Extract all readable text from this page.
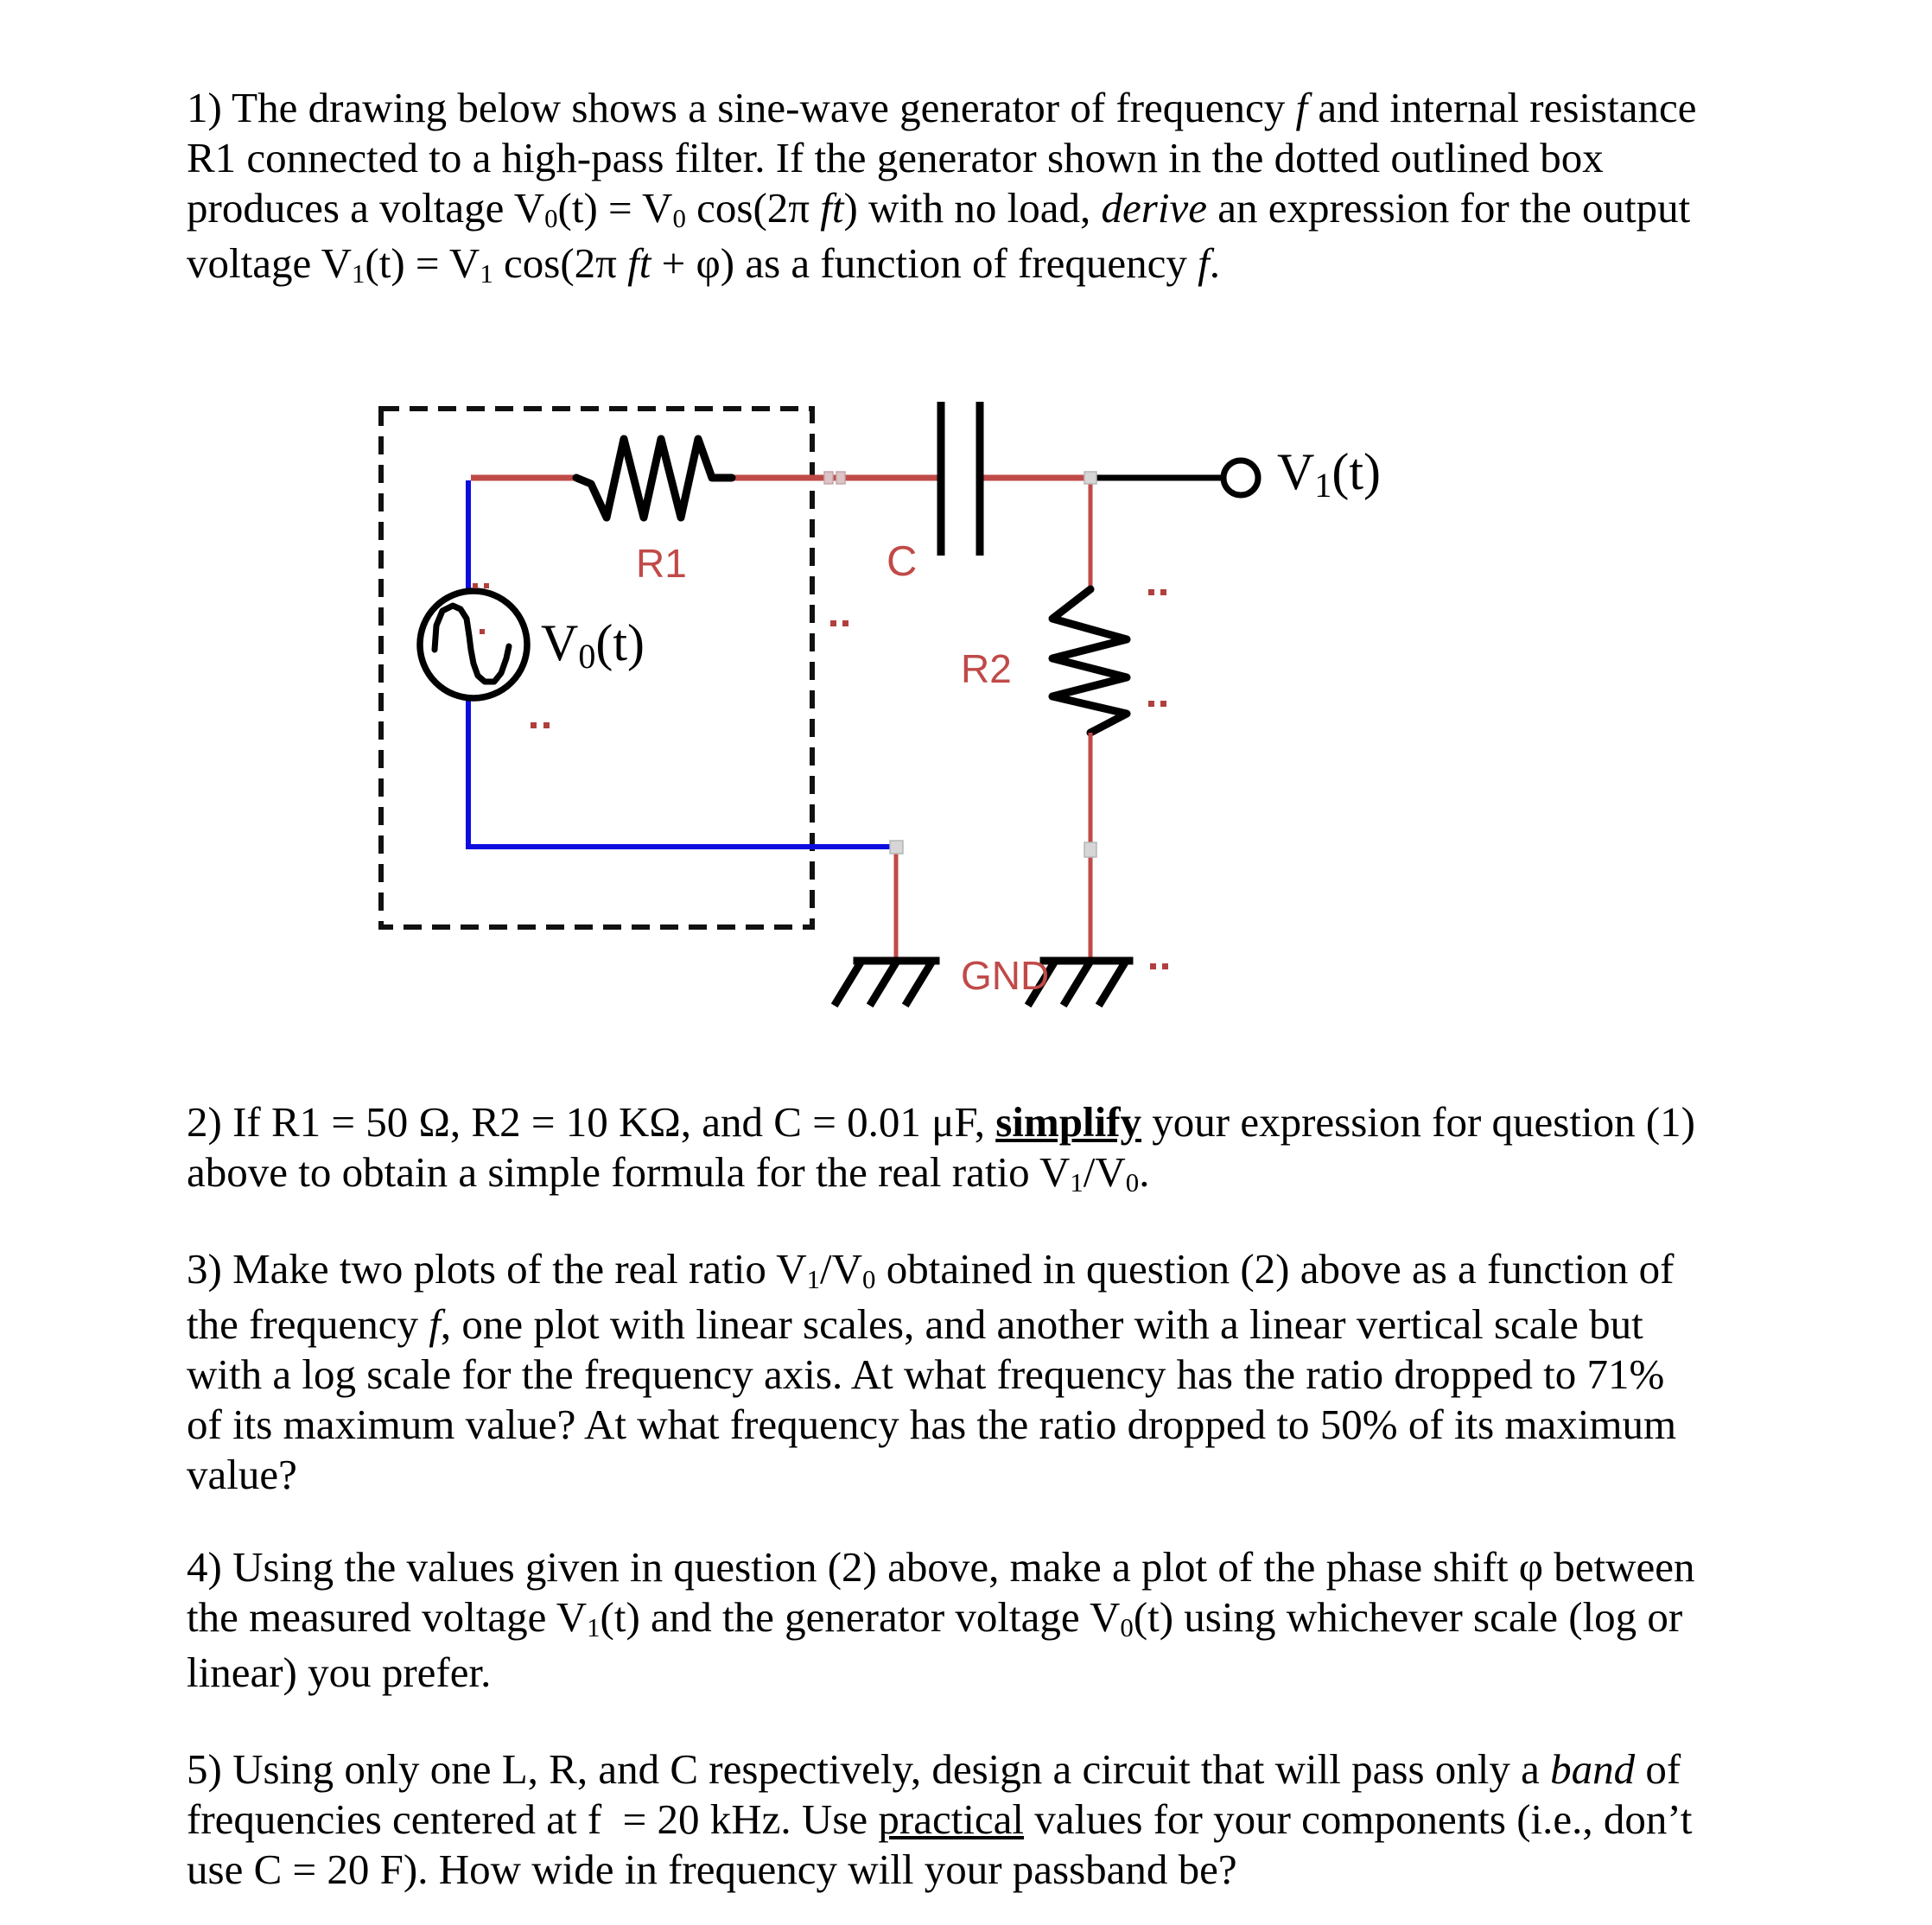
R1	C
R2
GND
V0(t)
V1(t)
1) The drawing below shows a sine-wave generator of frequency f and internal resistance
R1 connected to a high-pass filter. If the generator shown in the dotted outlined box
produces a voltage V0(t) = V0 cos(2π ft) with no load, derive an expression for the output
voltage V1(t) = V1 cos(2π ft + φ) as a function of frequency f.
2) If R1 = 50 Ω, R2 = 10 KΩ, and C = 0.01 μF, simplify your expression for question (1)
above to obtain a simple formula for the real ratio V1/V0.
3) Make two plots of the real ratio V1/V0 obtained in question (2) above as a function of
the frequency f, one plot with linear scales, and another with a linear vertical scale but
with a log scale for the frequency axis. At what frequency has the ratio dropped to 71%
of its maximum value? At what frequency has the ratio dropped to 50% of its maximum
value?
4) Using the values given in question (2) above, make a plot of the phase shift φ between
the measured voltage V1(t) and the generator voltage V0(t) using whichever scale (log or
linear) you prefer.
5) Using only one L, R, and C respectively, design a circuit that will pass only a band of
frequencies centered at f  = 20 kHz. Use practical values for your components (i.e., don’t
use C = 20 F). How wide in frequency will your passband be?
